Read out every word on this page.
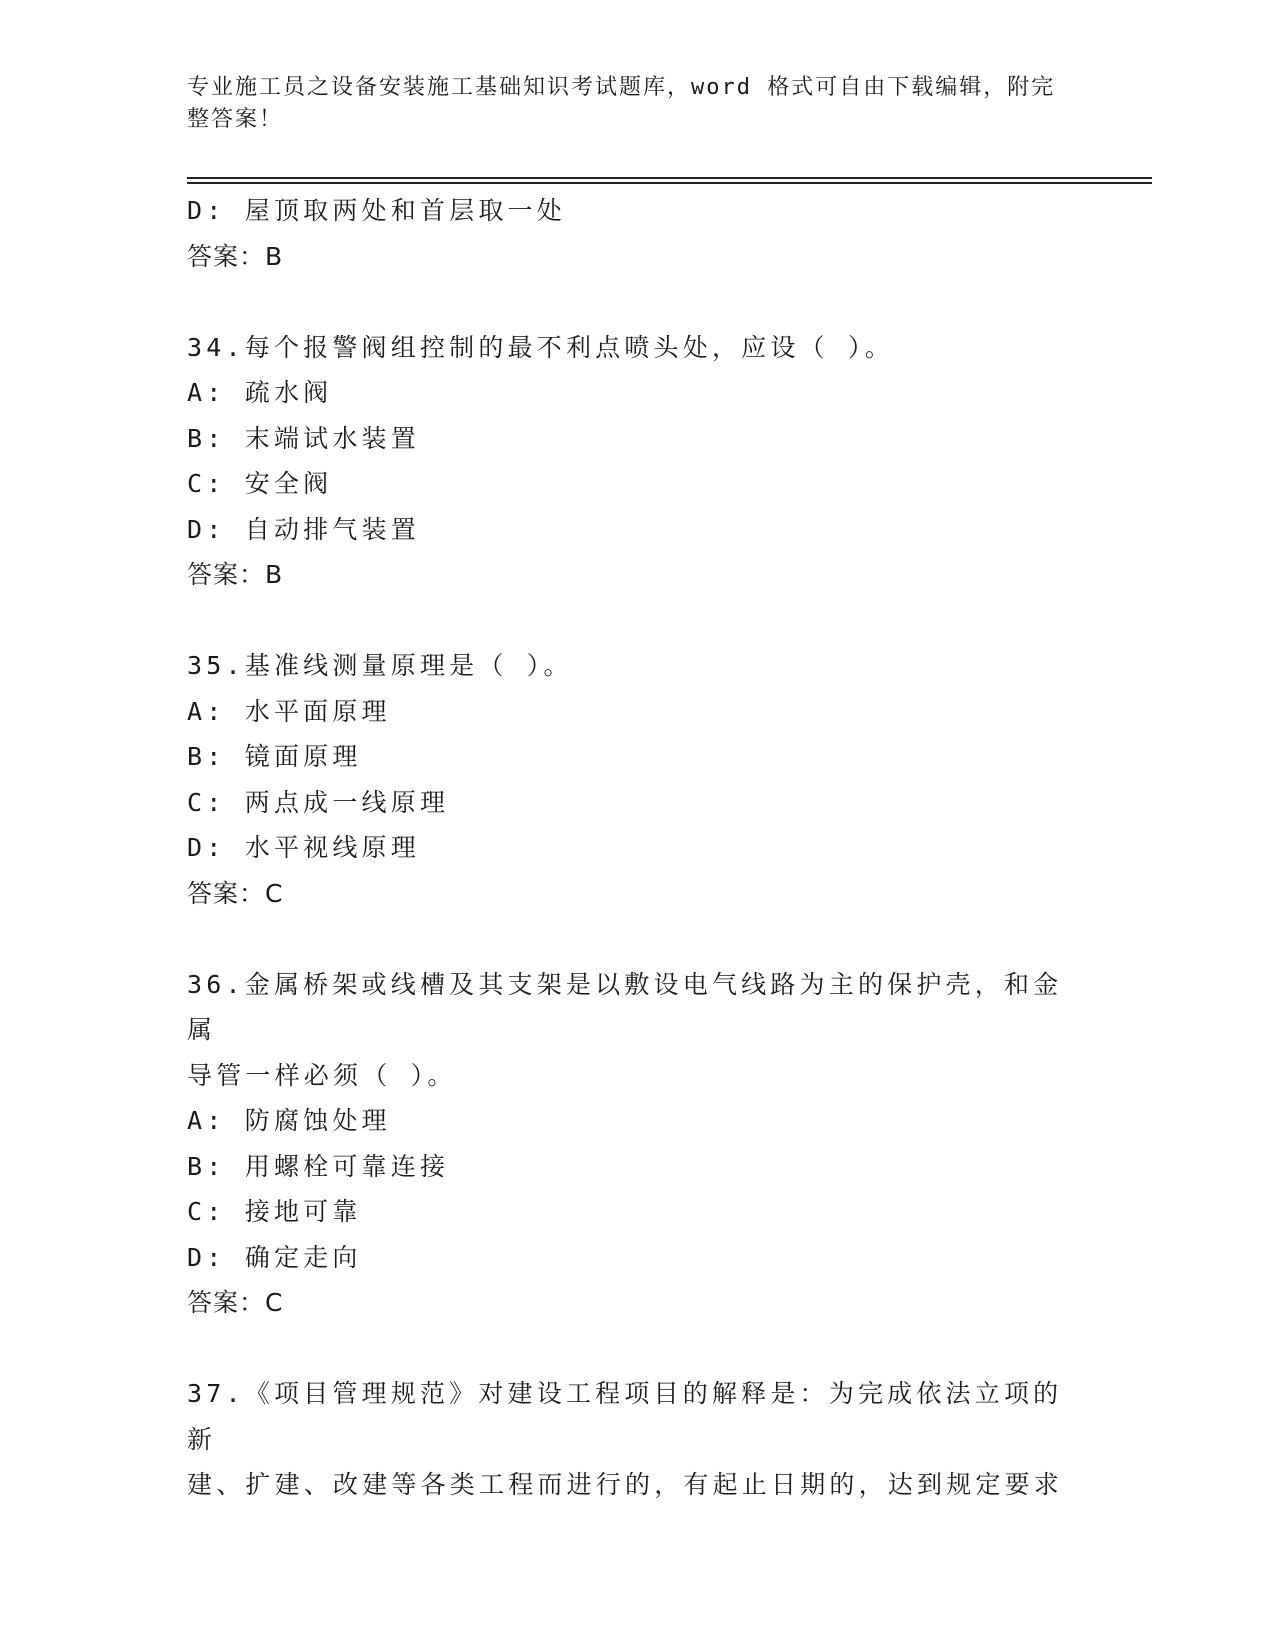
专业施工员之设备安装施工基础知识考试题库，word 格式可自由下载编辑，附完
整答案！
D: 屋顶取两处和首层取一处
答案：B
34.每个报警阀组控制的最不利点喷头处，应设（ ）。
A: 疏水阀
B: 末端试水装置
C: 安全阀
D: 自动排气装置
答案：B
35.基准线测量原理是（ ）。
A: 水平面原理
B: 镜面原理
C: 两点成一线原理
D: 水平视线原理
答案：C
36.金属桥架或线槽及其支架是以敷设电气线路为主的保护壳，和金属
导管一样必须（ ）。
A: 防腐蚀处理
B: 用螺栓可靠连接
C: 接地可靠
D: 确定走向
答案：C
37.《项目管理规范》对建设工程项目的解释是：为完成依法立项的新
建、扩建、改建等各类工程而进行的，有起止日期的，达到规定要求
